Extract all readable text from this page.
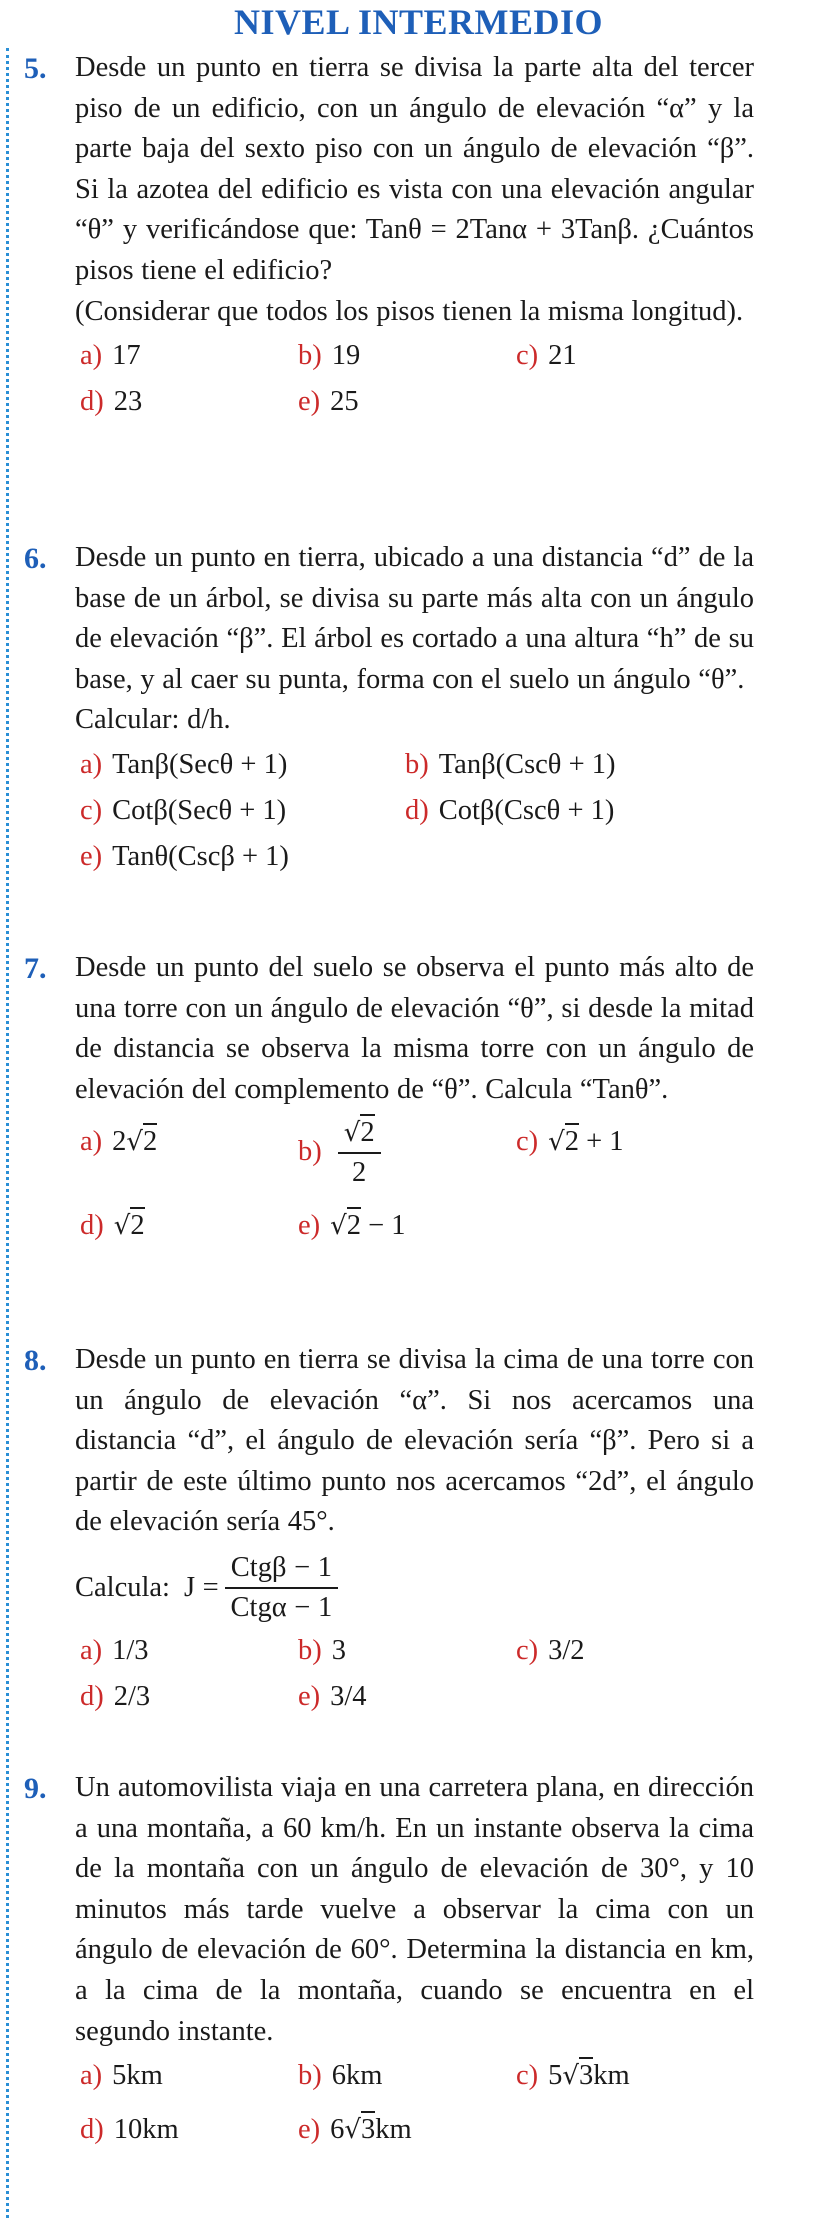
NIVEL INTERMEDIO
5. Desde un punto en tierra se divisa la parte alta del tercer piso de un edificio, con un ángulo de elevación “α” y la parte baja del sexto piso con un ángulo de elevación “β”. Si la azotea del edificio es vista con una elevación angular “θ” y verificándose que: Tanθ = 2Tanα + 3Tanβ. ¿Cuántos pisos tiene el edificio?

(Considerar que todos los pisos tienen la misma longitud).

a) 17	b) 19	c) 21
d) 23	e) 25
6. Desde un punto en tierra, ubicado a una distancia “d” de la base de un árbol, se divisa su parte más alta con un ángulo de elevación “β”. El árbol es cortado a una altura “h” de su base, y al caer su punta, forma con el suelo un ángulo “θ”.

Calcular: d/h.

a) Tanβ(Secθ + 1)	b) Tanβ(Cscθ + 1)
c) Cotβ(Secθ + 1)	d) Cotβ(Cscθ + 1)
e) Tanθ(Cscβ + 1)
7. Desde un punto del suelo se observa el punto más alto de una torre con un ángulo de elevación “θ”, si desde la mitad de distancia se observa la misma torre con un ángulo de elevación del complemento de “θ”. Calcula “Tanθ”.

a) 2√2	$b) \frac{√2}{2}$	c) √2 + 1
d) √2	e) √2 − 1
8. Desde un punto en tierra se divisa la cima de una torre con un ángulo de elevación “α”. Si nos acercamos una distancia “d”, el ángulo de elevación sería “β”. Pero si a partir de este último punto nos acercamos “2d”, el ángulo de elevación sería 45°.

Calcula: $J = \frac{\text{Ctgβ − 1}}{\text{Ctgα − 1}}$
a) 1/3	b) 3	c) 3/2
d) 2/3	e) 3/4
9. Un automovilista viaja en una carretera plana, en dirección a una montaña, a 60 km/h. En un instante observa la cima de la montaña con un ángulo de elevación de 30°, y 10 minutos más tarde vuelve a observar la cima con un ángulo de elevación de 60°. Determina la distancia en km, a la cima de la montaña, cuando se encuentra en el segundo instante.

a) 5km	b) 6km	c) 5√3km
d) 10km	e) 6√3km
